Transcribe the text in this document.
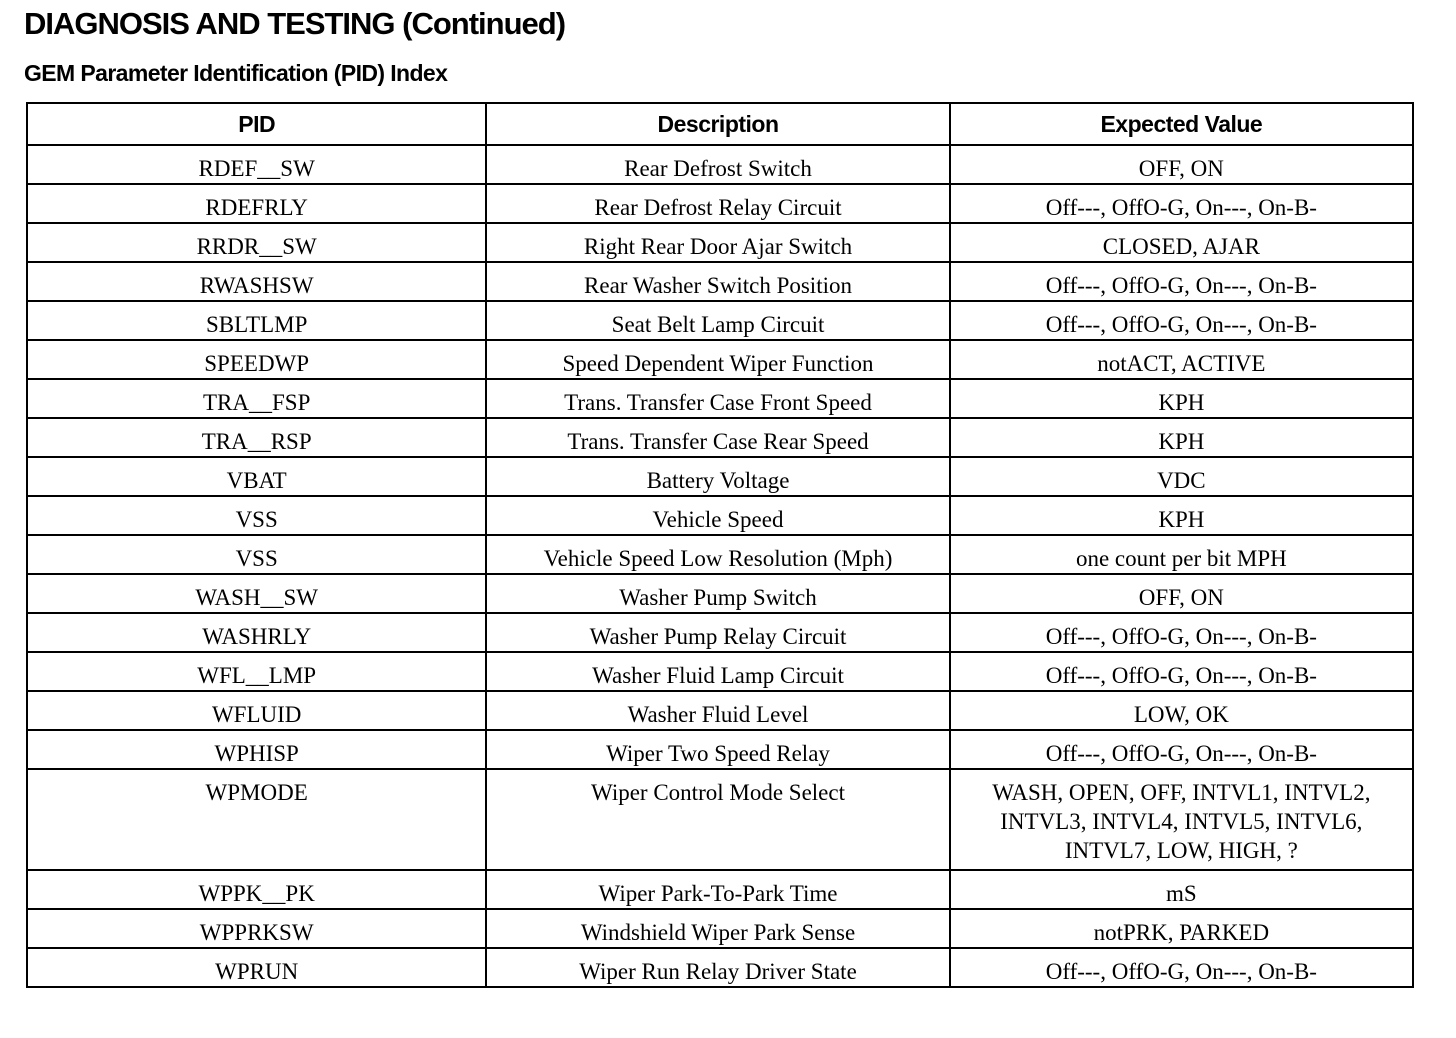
DIAGNOSIS AND TESTING (Continued)
GEM Parameter Identification (PID) Index
PID	Description	Expected Value
RDEF__SW	Rear Defrost Switch	OFF, ON
RDEFRLY	Rear Defrost Relay Circuit	Off---, OffO-G, On---, On-B-
RRDR__SW	Right Rear Door Ajar Switch	CLOSED, AJAR
RWASHSW	Rear Washer Switch Position	Off---, OffO-G, On---, On-B-
SBLTLMP	Seat Belt Lamp Circuit	Off---, OffO-G, On---, On-B-
SPEEDWP	Speed Dependent Wiper Function	notACT, ACTIVE
TRA__FSP	Trans. Transfer Case Front Speed	KPH
TRA__RSP	Trans. Transfer Case Rear Speed	KPH
VBAT	Battery Voltage	VDC
VSS	Vehicle Speed	KPH
VSS	Vehicle Speed Low Resolution (Mph)	one count per bit MPH
WASH__SW	Washer Pump Switch	OFF, ON
WASHRLY	Washer Pump Relay Circuit	Off---, OffO-G, On---, On-B-
WFL__LMP	Washer Fluid Lamp Circuit	Off---, OffO-G, On---, On-B-
WFLUID	Washer Fluid Level	LOW, OK
WPHISP	Wiper Two Speed Relay	Off---, OffO-G, On---, On-B-
WPMODE	Wiper Control Mode Select	WASH, OPEN, OFF, INTVL1, INTVL2, INTVL3, INTVL4, INTVL5, INTVL6, INTVL7, LOW, HIGH, ?
WPPK__PK	Wiper Park-To-Park Time	mS
WPPRKSW	Windshield Wiper Park Sense	notPRK, PARKED
WPRUN	Wiper Run Relay Driver State	Off---, OffO-G, On---, On-B-
